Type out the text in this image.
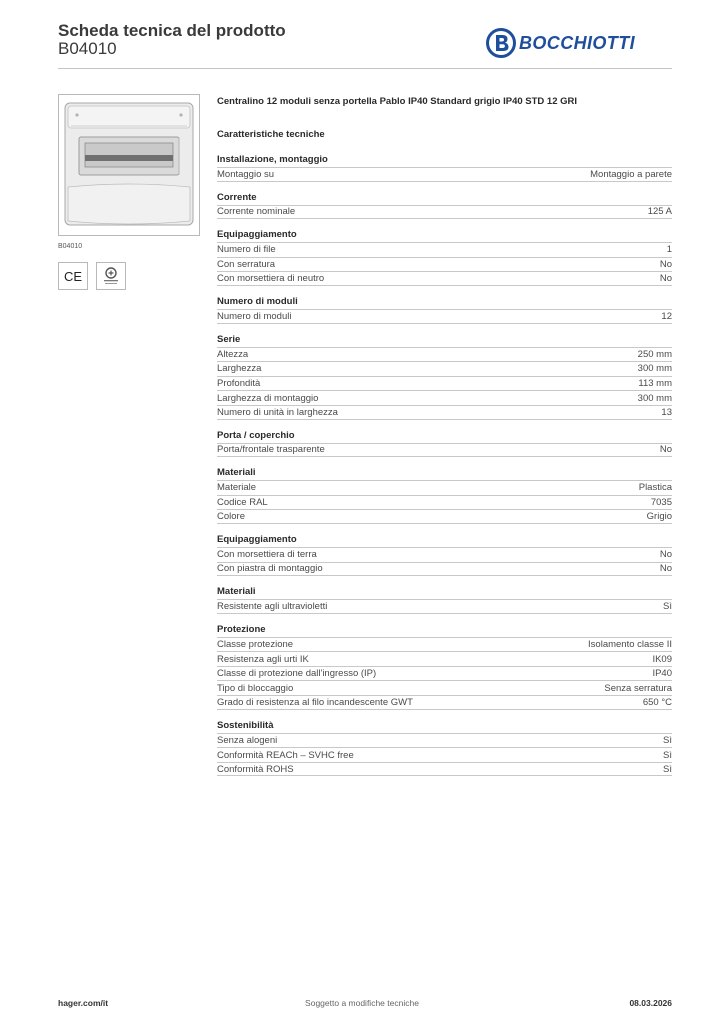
Scheda tecnica del prodotto
B04010	BOCCHIOTTI
B04010
CE
Centralino 12 moduli senza portella Pablo IP40 Standard grigio IP40 STD 12 GRI
Caratteristiche tecniche
Installazione, montaggio
Montaggio su	Montaggio a parete
Corrente
Corrente nominale	125 A
Equipaggiamento
Numero di file	1
Con serratura	No
Con morsettiera di neutro	No
Numero di moduli
Numero di moduli	12
Serie
Altezza	250 mm
Larghezza	300 mm
Profondità	113 mm
Larghezza di montaggio	300 mm
Numero di unità in larghezza	13
Porta / coperchio
Porta/frontale trasparente	No
Materiali
Materiale	Plastica
Codice RAL	7035
Colore	Grigio
Equipaggiamento
Con morsettiera di terra	No
Con piastra di montaggio	No
Materiali
Resistente agli ultravioletti	Sì
Protezione
Classe protezione	Isolamento classe II
Resistenza agli urti IK	IK09
Classe di protezione dall'ingresso (IP)	IP40
Tipo di bloccaggio	Senza serratura
Grado di resistenza al filo incandescente GWT	650 °C
Sostenibilità
Senza alogeni	Sì
Conformità REACh – SVHC free	Sì
Conformità ROHS	Sì
hager.com/it	Soggetto a modifiche tecniche	08.03.2026
